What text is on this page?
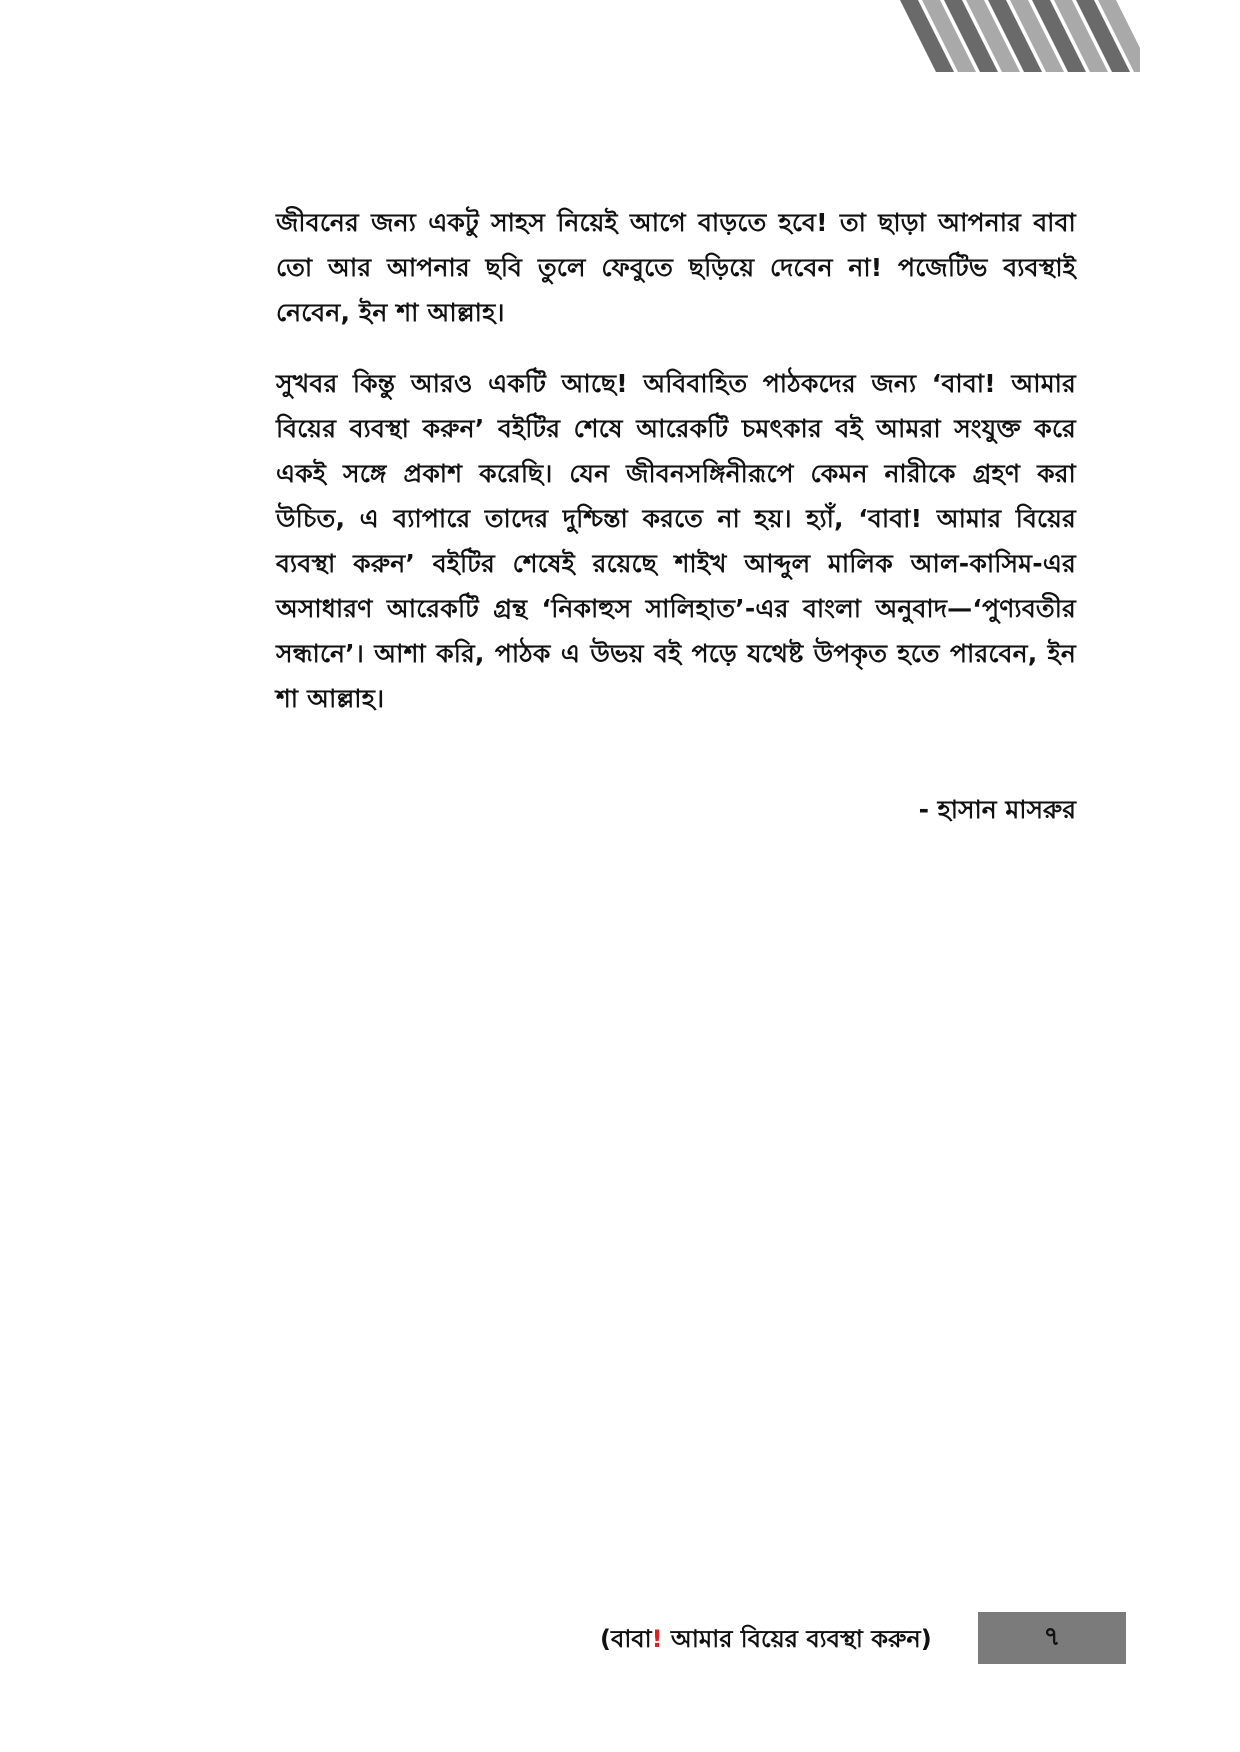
জীবনের জন্য একটু সাহস নিয়েই আগে বাড়তে হবে! তা ছাড়া আপনার বাবা তো আর আপনার ছবি তুলে ফেবুতে ছড়িয়ে দেবেন না! পজেটিভ ব্যবস্থাই নেবেন, ইন শা আল্লাহ।

সুখবর কিন্তু আরও একটি আছে! অবিবাহিত পাঠকদের জন্য ‘বাবা! আমার বিয়ের ব্যবস্থা করুন’ বইটির শেষে আরেকটি চমৎকার বই আমরা সংযুক্ত করে একই সঙ্গে প্রকাশ করেছি। যেন জীবনসঙ্গিনীরূপে কেমন নারীকে গ্রহণ করা উচিত, এ ব্যাপারে তাদের দুশ্চিন্তা করতে না হয়। হ্যাঁ, ‘বাবা! আমার বিয়ের ব্যবস্থা করুন’ বইটির শেষেই রয়েছে শাইখ আব্দুল মালিক আল-কাসিম-এর অসাধারণ আরেকটি গ্রন্থ ‘নিকাহুস সালিহাত’-এর বাংলা অনুবাদ—‘পুণ্যবতীর সন্ধানে’। আশা করি, পাঠক এ উভয় বই পড়ে যথেষ্ট উপকৃত হতে পারবেন, ইন শা আল্লাহ।

- হাসান মাসরুর
(বাবা! আমার বিয়ের ব্যবস্থা করুন)	৭
